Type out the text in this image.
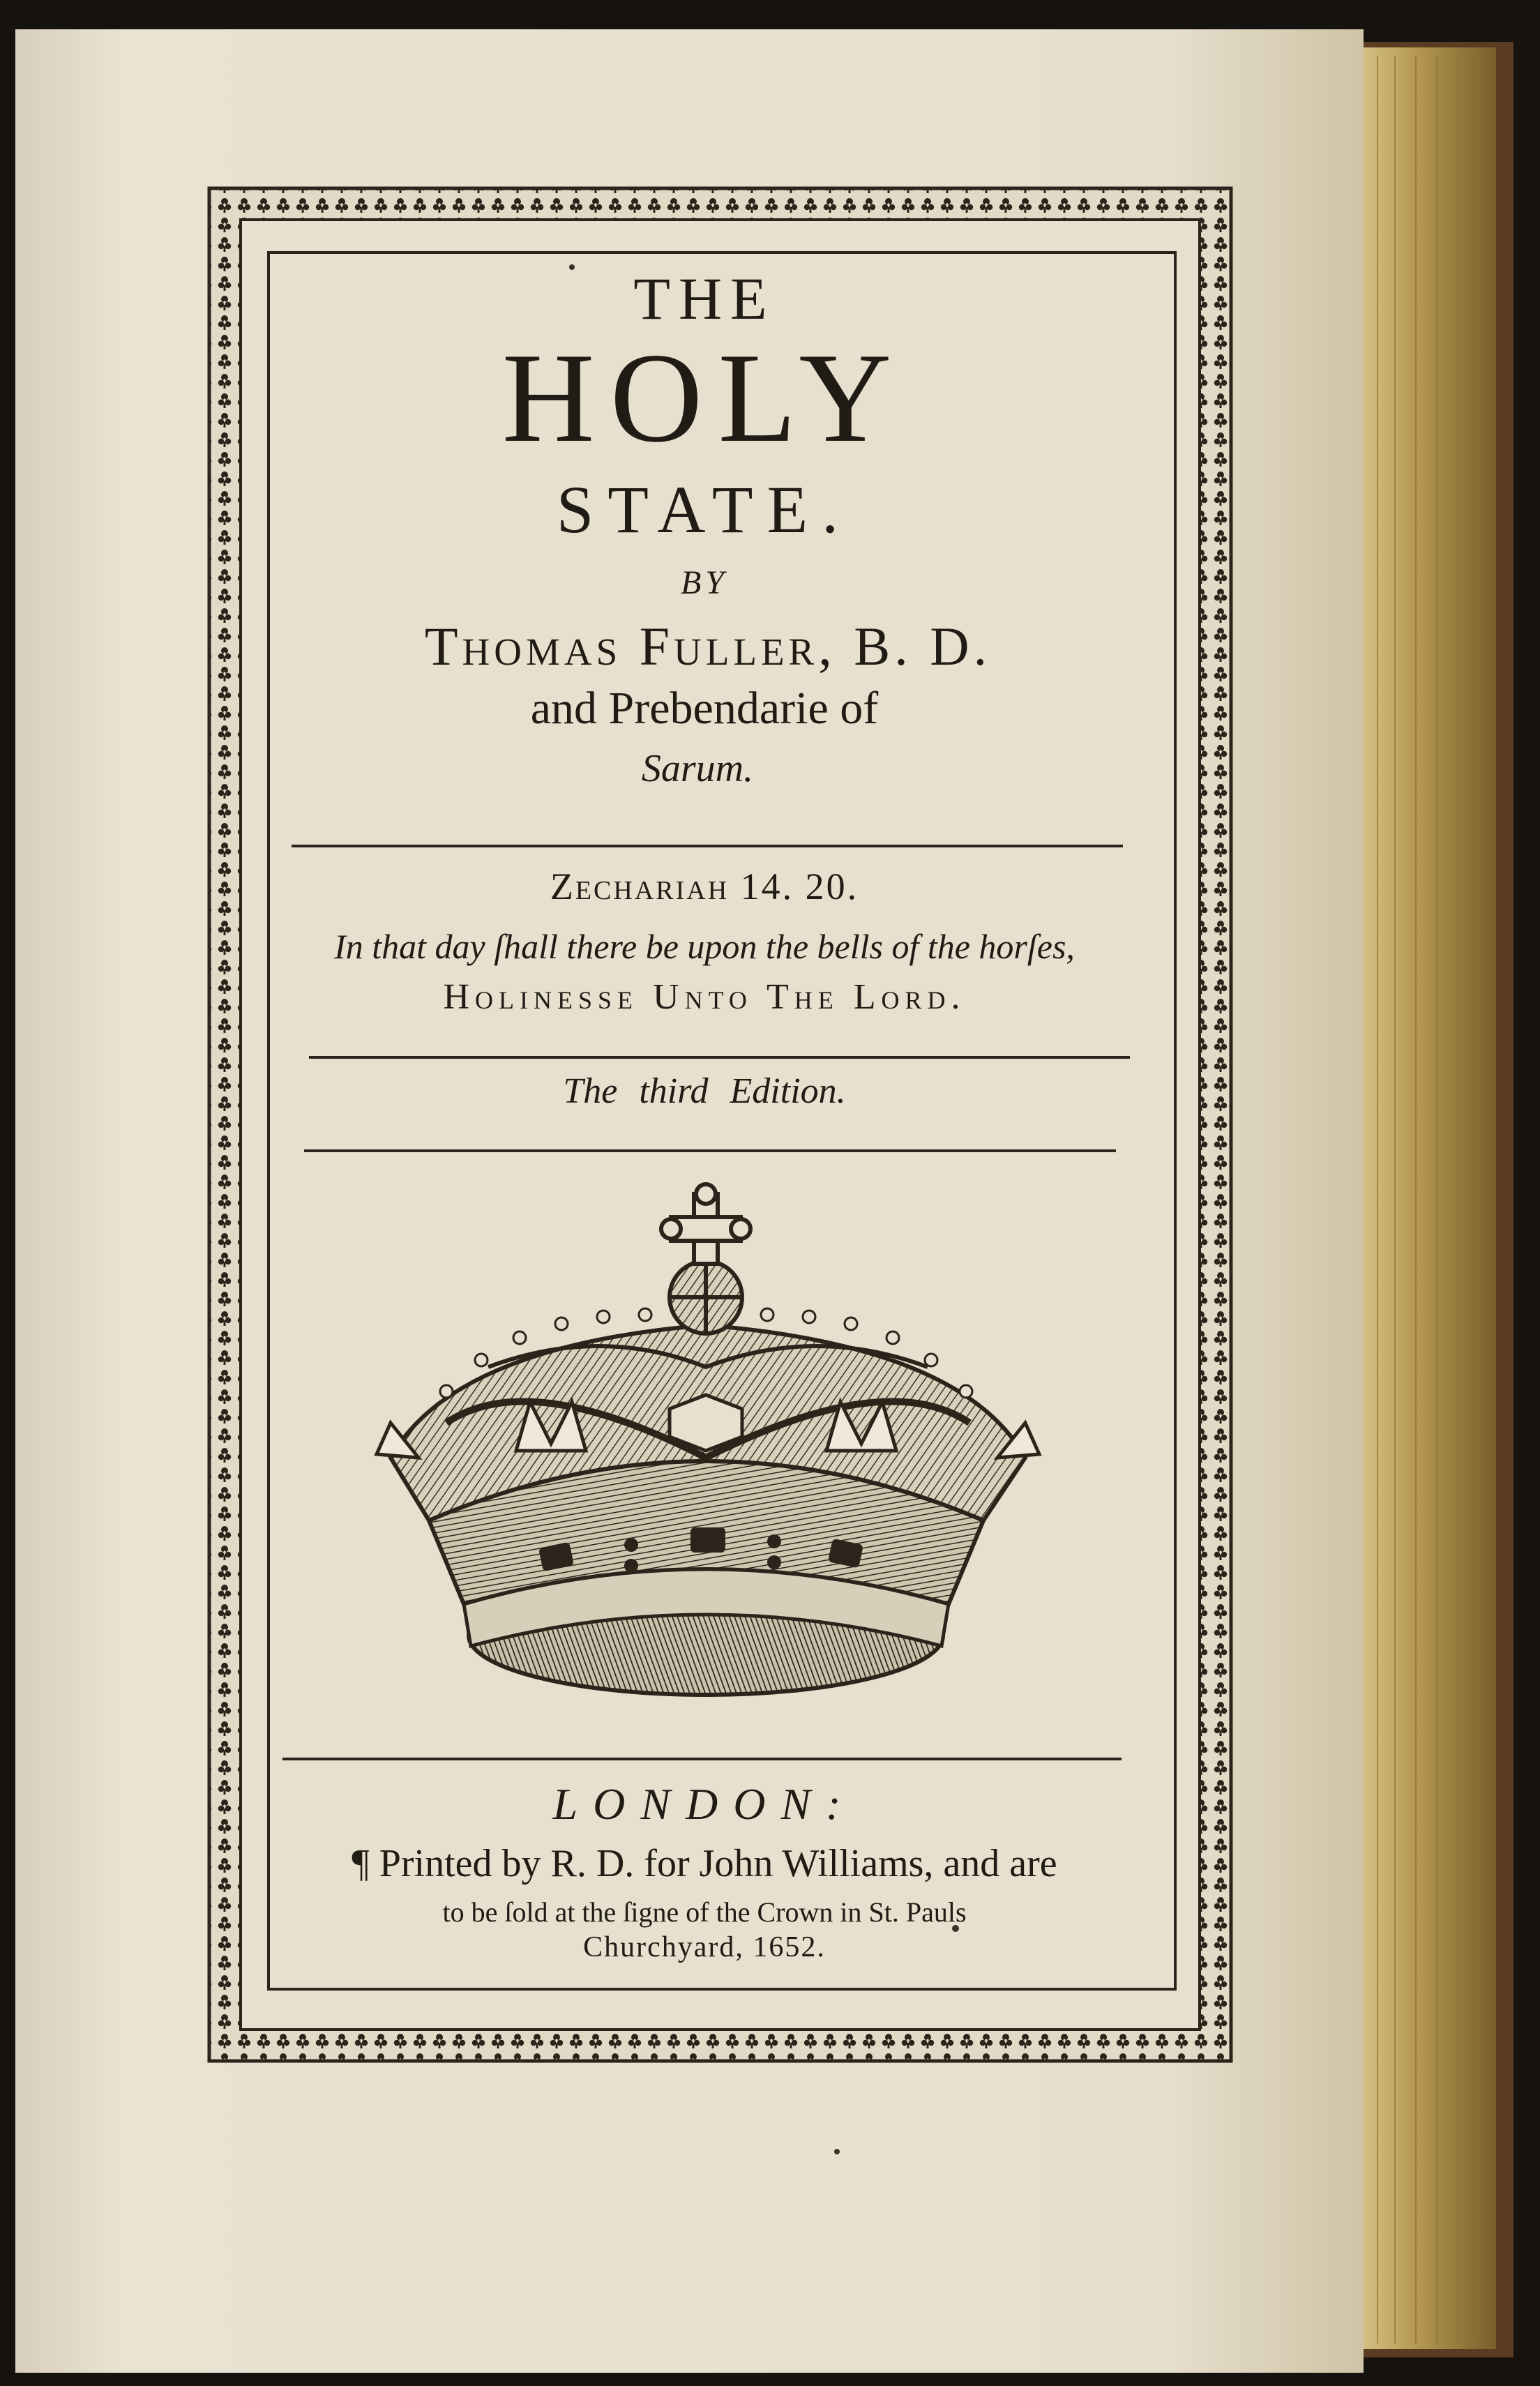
THE
HOLY
STATE.
BY
Thomas Fuller, B. D.
and Prebendarie of
Sarum.
Zechariah 14. 20.
In that day ſhall there be upon the bells of the horſes,
Holinesse Unto The Lord.
The third Edition.
LONDON:
¶ Printed by R. D. for John Williams, and are
to be ſold at the ſigne of the Crown in St. Pauls
Churchyard, 1652.
